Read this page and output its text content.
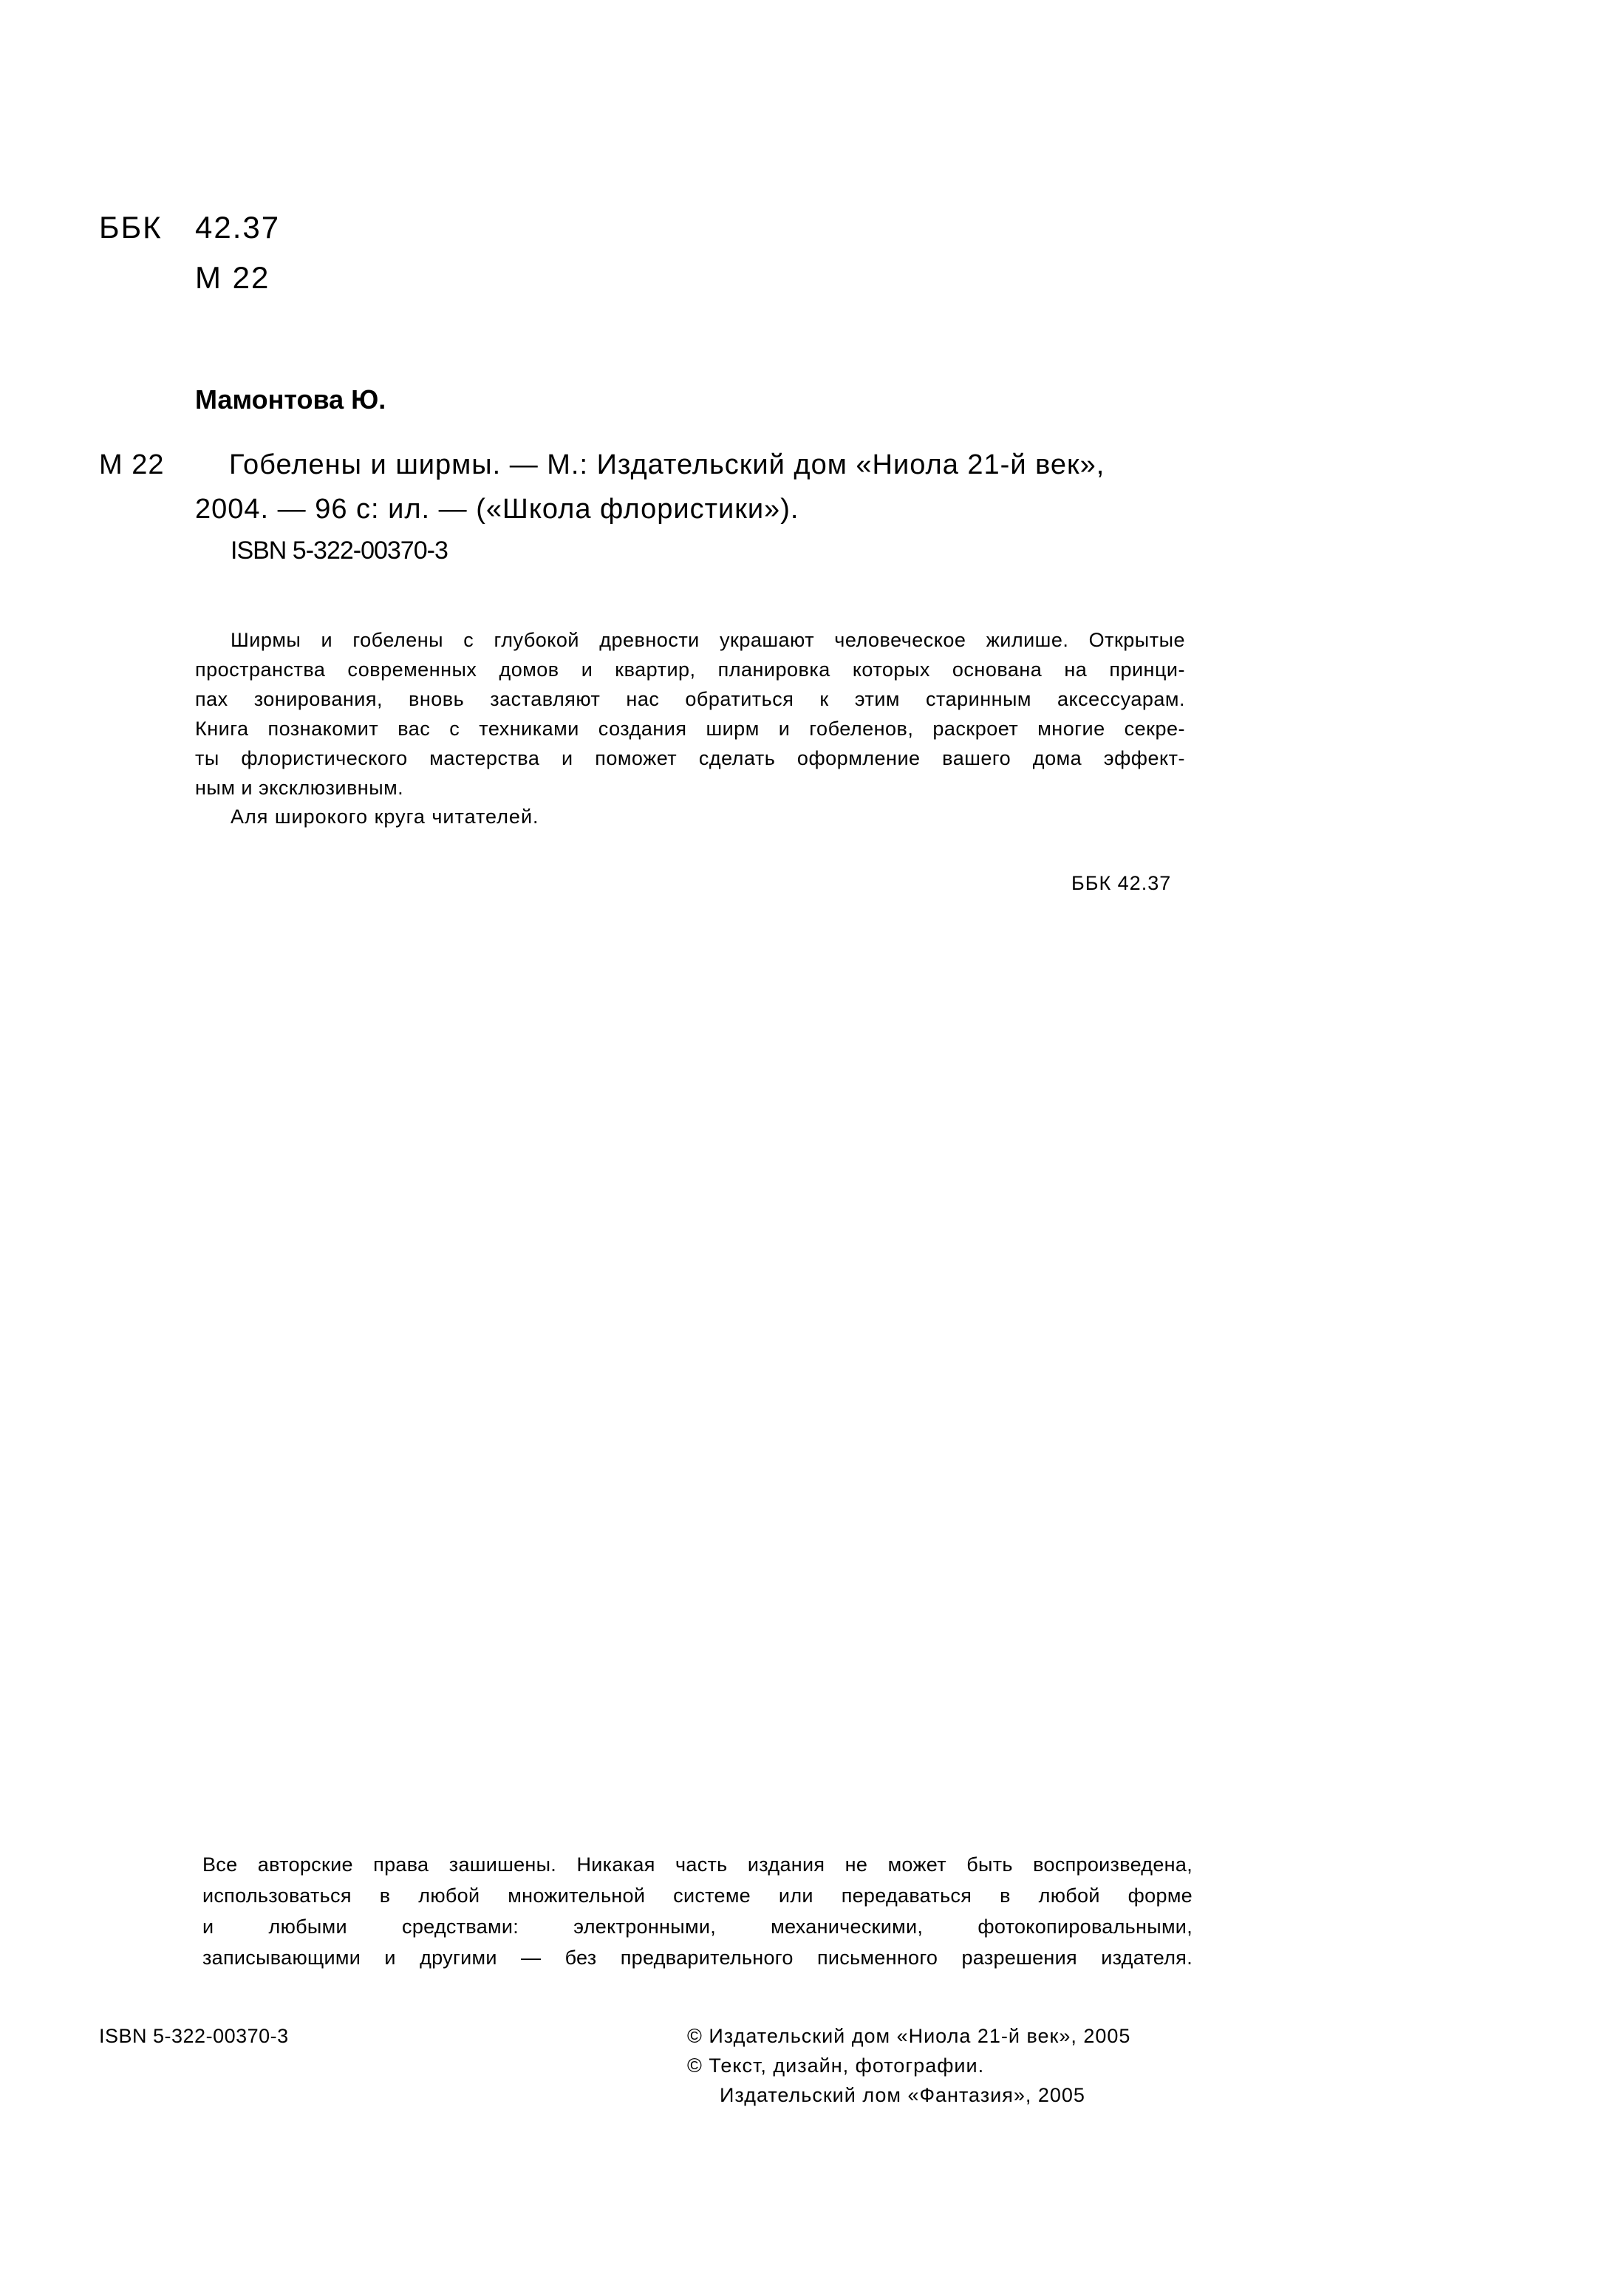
ББК 42.37
М 22
Мамонтова Ю.
М 22 Гобелены и ширмы. — М.: Издательский дом «Ниола 21-й век»,
2004. — 96 с: ил. — («Школа флористики»).
ISBN 5-322-00370-3
Ширмы и гобелены с глубокой древности украшают человеческое жилише. Открытые
пространства современных домов и квартир, планировка которых основана на принци-
пах зонирования, вновь заставляют нас обратиться к этим старинным аксессуарам.
Книга познакомит вас с техниками создания ширм и гобеленов, раскроет многие секре-
ты флористического мастерства и поможет сделать оформление вашего дома эффект-
ным и эксклюзивным.
Аля широкого круга читателей.
ББК 42.37
Все авторские права зашишены. Никакая часть издания не может быть воспроизведена,
использоваться в любой множительной системе или передаваться в любой форме
и любыми средствами: электронными, механическими, фотокопировальными,
записывающими и другими — без предварительного письменного разрешения издателя.
ISBN 5-322-00370-3	© Издательский дом «Ниола 21-й век», 2005
© Текст, дизайн, фотографии.
Издательский лом «Фантазия», 2005
